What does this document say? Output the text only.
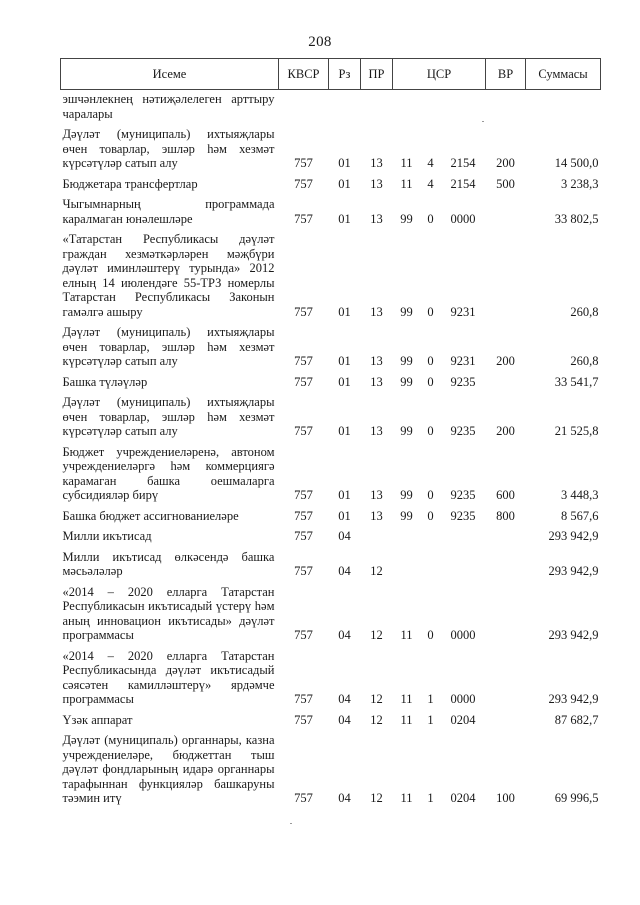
208
Исеме	КВСР	Рз	ПР	ЦСР			ВР	Суммасы
эшчәнлекнең нәтиҗәлелеген арттыру чаралары								
Дәүләт (муниципаль) ихтыяҗлары өчен товарлар, эшләр һәм хезмәт күрсәтүләр сатып алу	757	01	13	11	4	2154	200	14 500,0
Бюджетара трансфертлар	757	01	13	11	4	2154	500	3 238,3
Чыгымнарның программада каралмаган юнәлешләре	757	01	13	99	0	0000		33 802,5
«Татарстан Республикасы дәүләт граждан хезмәткәрләрен мәҗбүри дәүләт иминләштерү турында» 2012 елның 14 июлендәге 55-ТРЗ номерлы Татарстан Республикасы Законын гамәлгә ашыру	757	01	13	99	0	9231		260,8
Дәүләт (муниципаль) ихтыяҗлары өчен товарлар, эшләр һәм хезмәт күрсәтүләр сатып алу	757	01	13	99	0	9231	200	260,8
Башка түләүләр	757	01	13	99	0	9235		33 541,7
Дәүләт (муниципаль) ихтыяҗлары өчен товарлар, эшләр һәм хезмәт күрсәтүләр сатып алу	757	01	13	99	0	9235	200	21 525,8
Бюджет учреждениеләренә, автоном учреждениеләргә һәм коммерциягә карамаган башка оешмаларга субсидияләр бирү	757	01	13	99	0	9235	600	3 448,3
Башка бюджет ассигнованиеләре	757	01	13	99	0	9235	800	8 567,6
Милли икътисад	757	04						293 942,9
Милли икътисад өлкәсендә башка мәсьәләләр	757	04	12					293 942,9
«2014 – 2020 елларга Татарстан Республикасын икътисадый үстерү һәм аның инновацион икътисады» дәүләт программасы	757	04	12	11	0	0000		293 942,9
«2014 – 2020 елларга Татарстан Республикасында дәүләт икътисадый сәясәтен камилләштерү» ярдәмче программасы	757	04	12	11	1	0000		293 942,9
Үзәк аппарат	757	04	12	11	1	0204		87 682,7
Дәүләт (муниципаль) органнары, казна учреждениеләре, бюджеттан тыш дәүләт фондларының идарә органнары тарафыннан функцияләр башкаруны тәэмин итү	757	04	12	11	1	0204	100	69 996,5
